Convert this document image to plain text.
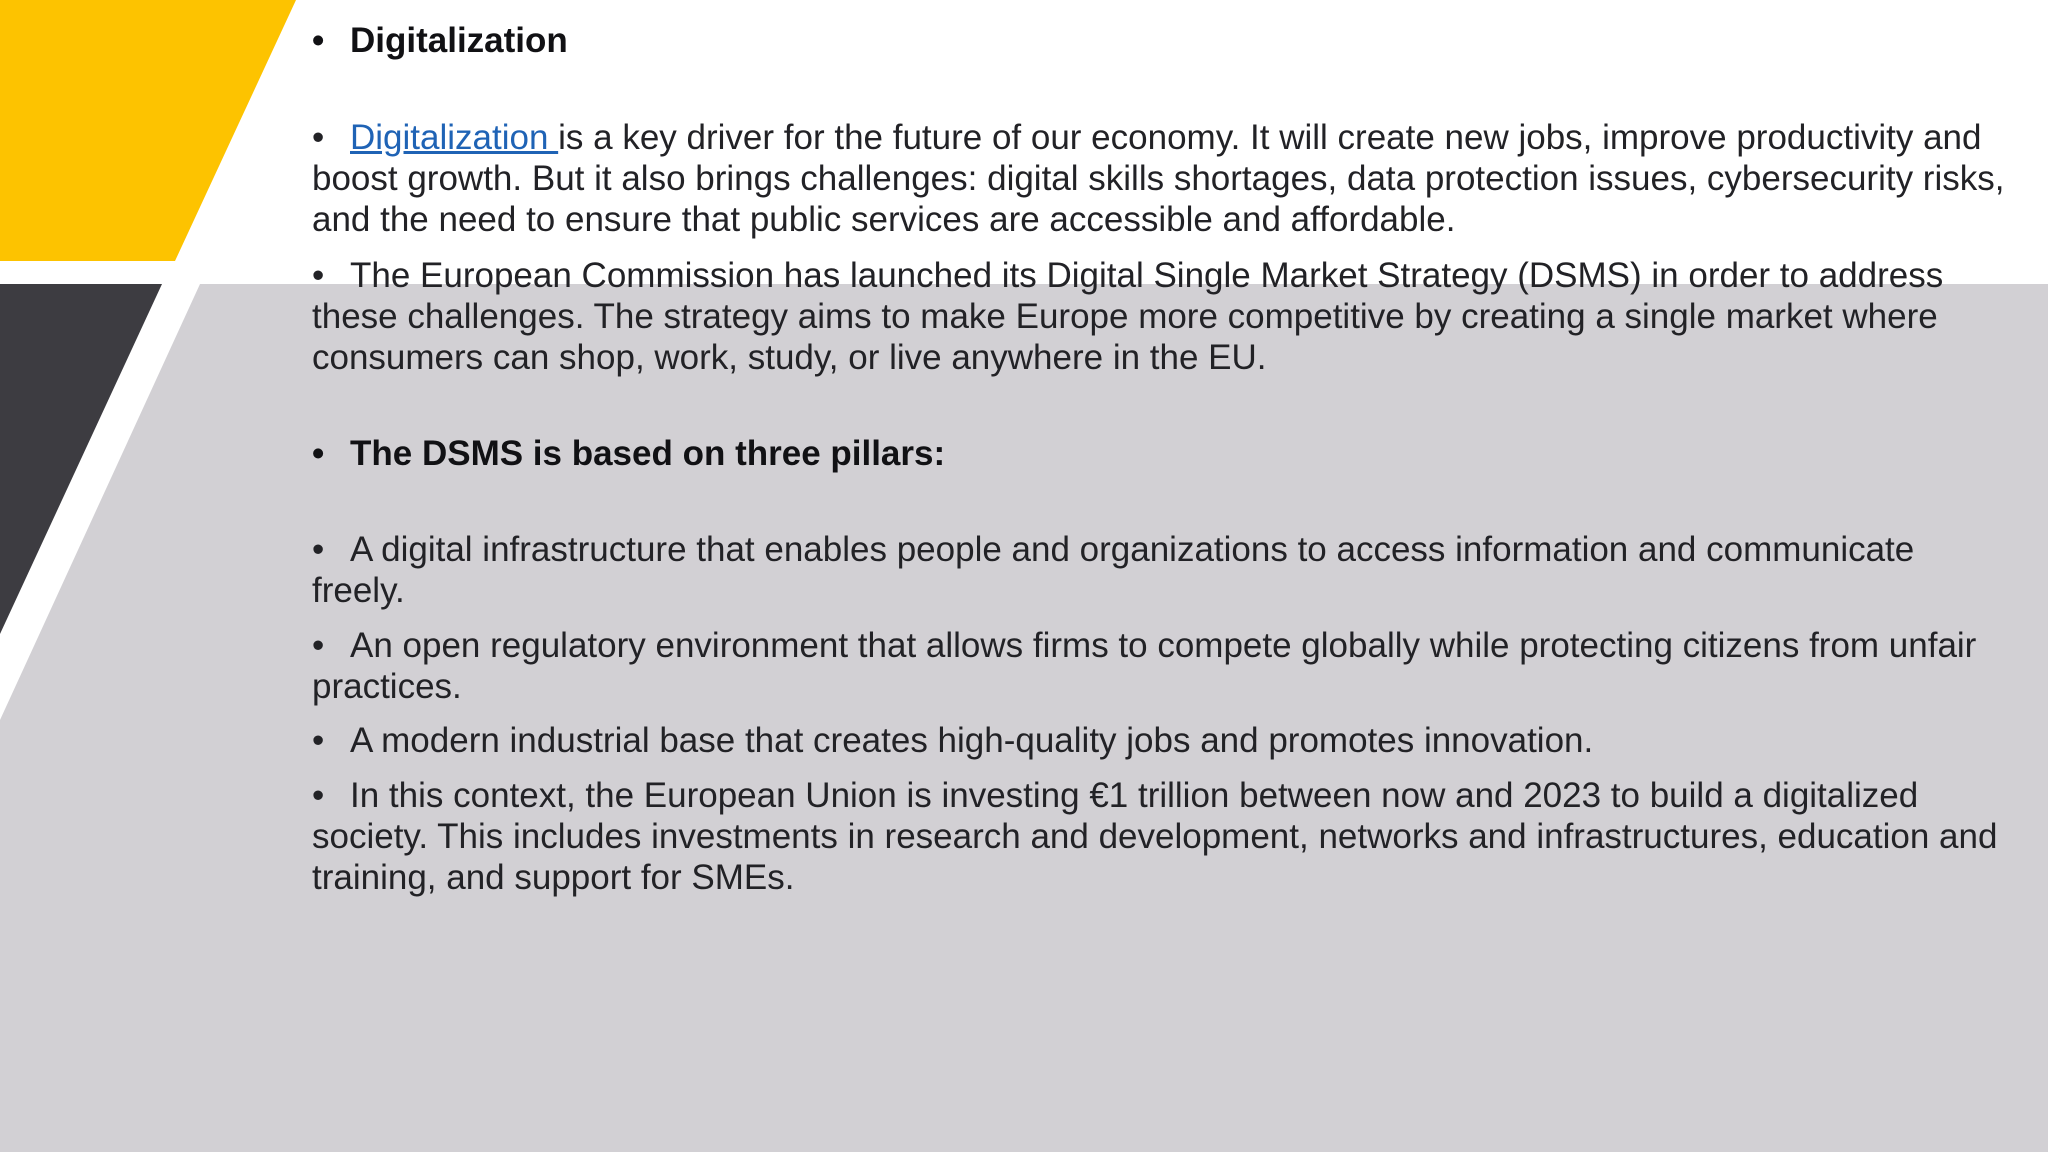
• Digitalization

• Digitalization is a key driver for the future of our economy. It will create new jobs, improve productivity and boost growth. But it also brings challenges: digital skills shortages, data protection issues, cybersecurity risks, and the need to ensure that public services are accessible and affordable.

• The European Commission has launched its Digital Single Market Strategy (DSMS) in order to address these challenges. The strategy aims to make Europe more competitive by creating a single market where consumers can shop, work, study, or live anywhere in the EU.

• The DSMS is based on three pillars:

• A digital infrastructure that enables people and organizations to access information and communicate freely.

• An open regulatory environment that allows firms to compete globally while protecting citizens from unfair practices.

• A modern industrial base that creates high-quality jobs and promotes innovation.

• In this context, the European Union is investing €1 trillion between now and 2023 to build a digitalized society. This includes investments in research and development, networks and infrastructures, education and training, and support for SMEs.
